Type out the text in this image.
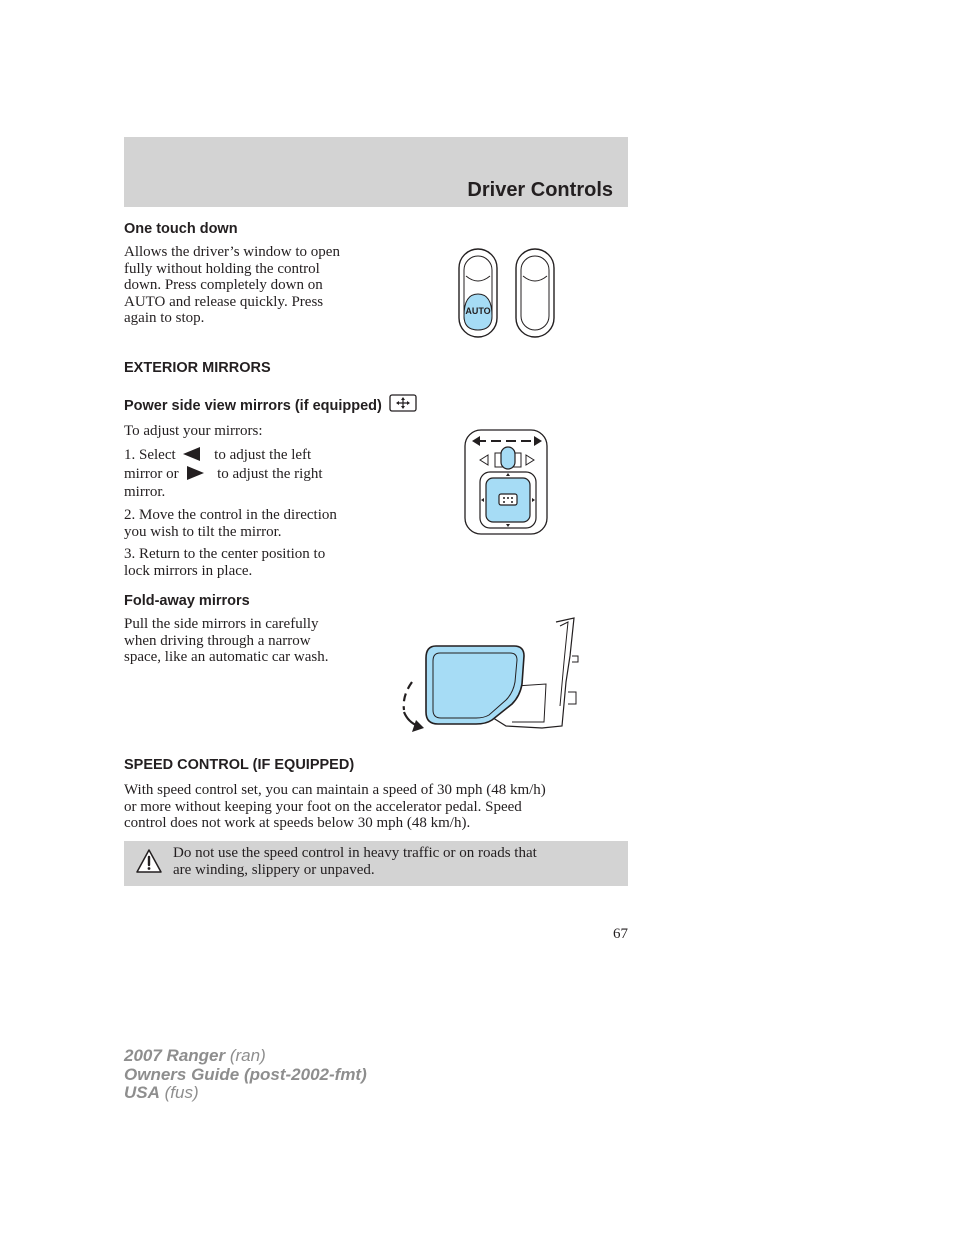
Driver Controls
One touch down
Allows the driver’s window to open
fully without holding the control
down. Press completely down on
AUTO and release quickly. Press
again to stop.	AUTO
EXTERIOR MIRRORS
Power side view mirrors (if equipped)
To adjust your mirrors:
1. Select	to adjust the left
mirror or	to adjust the right
mirror.
2. Move the control in the direction
you wish to tilt the mirror.
3. Return to the center position to
lock mirrors in place.
Fold-away mirrors
Pull the side mirrors in carefully
when driving through a narrow
space, like an automatic car wash.
SPEED CONTROL (IF EQUIPPED)
With speed control set, you can maintain a speed of 30 mph (48 km/h)
or more without keeping your foot on the accelerator pedal. Speed
control does not work at speeds below 30 mph (48 km/h).
Do not use the speed control in heavy traffic or on roads that
are winding, slippery or unpaved.
67
2007 Ranger (ran)
Owners Guide (post-2002-fmt)
USA (fus)
